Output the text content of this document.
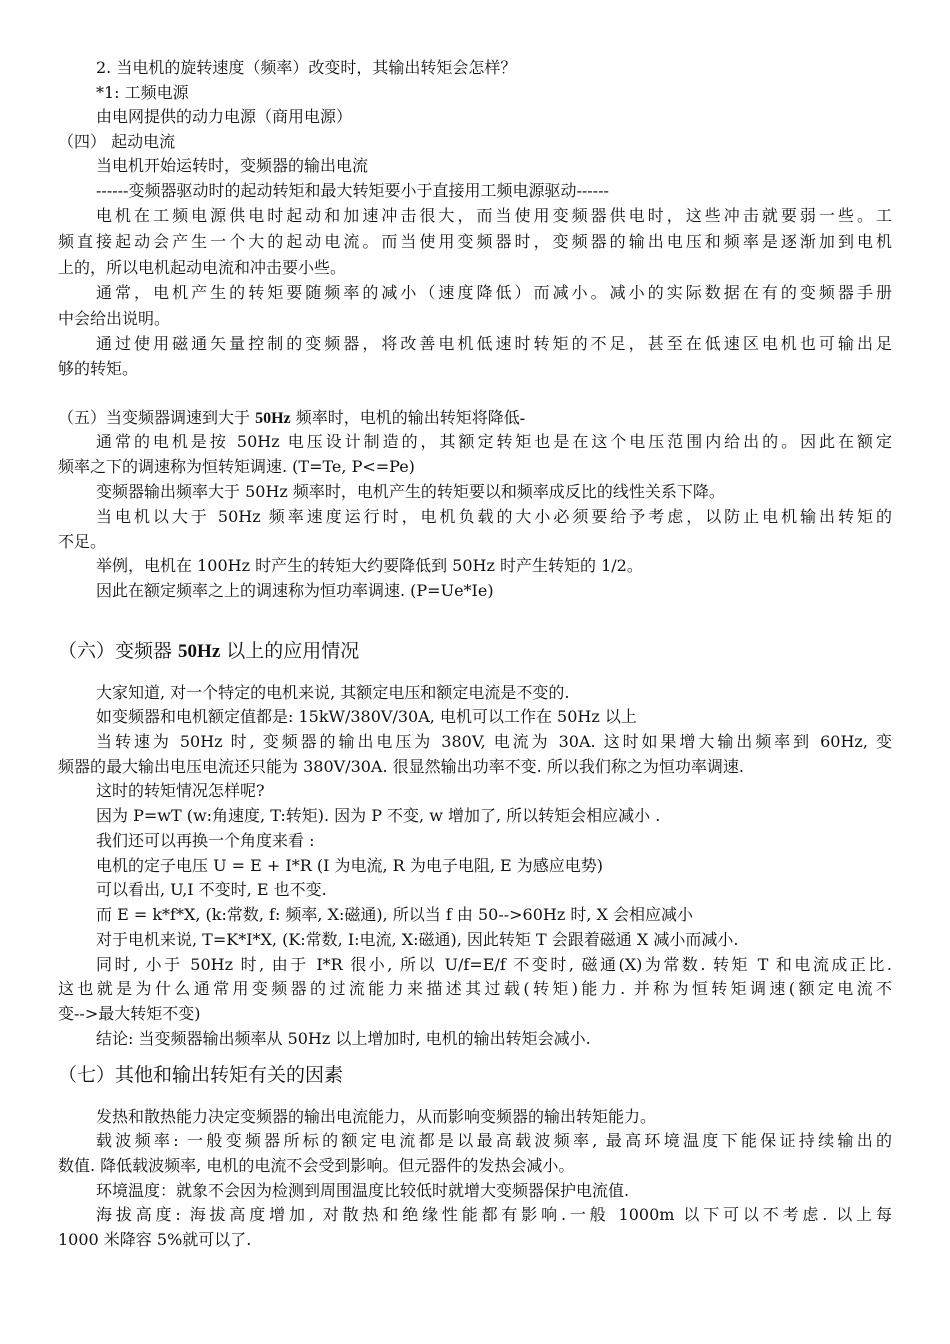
2. 当电机的旋转速度（频率）改变时，其输出转矩会怎样？
*1: 工频电源
由电网提供的动力电源（商用电源）
（四） 起动电流
当电机开始运转时，变频器的输出电流
------变频器驱动时的起动转矩和最大转矩要小于直接用工频电源驱动------
电机在工频电源供电时起动和加速冲击很大，而当使用变频器供电时，这些冲击就要弱一些。工
频直接起动会产生一个大的起动电流。而当使用变频器时，变频器的输出电压和频率是逐渐加到电机
上的，所以电机起动电流和冲击要小些。
通常，电机产生的转矩要随频率的减小（速度降低）而减小。减小的实际数据在有的变频器手册
中会给出说明。
通过使用磁通矢量控制的变频器，将改善电机低速时转矩的不足，甚至在低速区电机也可输出足
够的转矩。
（五）当变频器调速到大于 50Hz 频率时，电机的输出转矩将降低-
通常的电机是按 50Hz 电压设计制造的，其额定转矩也是在这个电压范围内给出的。因此在额定
频率之下的调速称为恒转矩调速. (T=Te, P<=Pe)
变频器输出频率大于 50Hz 频率时，电机产生的转矩要以和频率成反比的线性关系下降。
当电机以大于 50Hz 频率速度运行时，电机负载的大小必须要给予考虑，以防止电机输出转矩的
不足。
举例，电机在 100Hz 时产生的转矩大约要降低到 50Hz 时产生转矩的 1/2。
因此在额定频率之上的调速称为恒功率调速. (P=Ue*Ie)
（六）变频器 50Hz 以上的应用情况
大家知道, 对一个特定的电机来说, 其额定电压和额定电流是不变的.
如变频器和电机额定值都是: 15kW/380V/30A, 电机可以工作在 50Hz 以上
当转速为 50Hz 时, 变频器的输出电压为 380V, 电流为 30A. 这时如果增大输出频率到 60Hz, 变
频器的最大输出电压电流还只能为 380V/30A. 很显然输出功率不变. 所以我们称之为恒功率调速.
这时的转矩情况怎样呢?
因为 P=wT (w:角速度, T:转矩). 因为 P 不变, w 增加了, 所以转矩会相应减小 .
我们还可以再换一个角度来看 :
电机的定子电压 U = E + I*R (I 为电流, R 为电子电阻, E 为感应电势)
可以看出, U,I 不变时, E 也不变.
而 E = k*f*X, (k:常数, f: 频率, X:磁通), 所以当 f 由 50-->60Hz 时, X 会相应减小
对于电机来说, T=K*I*X, (K:常数, I:电流, X:磁通), 因此转矩 T 会跟着磁通 X 减小而减小.
同时, 小于 50Hz 时, 由于 I*R 很小, 所以 U/f=E/f 不变时, 磁通(X)为常数. 转矩 T 和电流成正比.
这也就是为什么通常用变频器的过流能力来描述其过载(转矩)能力. 并称为恒转矩调速(额定电流不
变-->最大转矩不变)
结论: 当变频器输出频率从 50Hz 以上增加时, 电机的输出转矩会减小.
（七）其他和输出转矩有关的因素
发热和散热能力决定变频器的输出电流能力，从而影响变频器的输出转矩能力。
载波频率: 一般变频器所标的额定电流都是以最高载波频率, 最高环境温度下能保证持续输出的
数值. 降低载波频率, 电机的电流不会受到影响。但元器件的发热会减小。
环境温度：就象不会因为检测到周围温度比较低时就增大变频器保护电流值.
海拔高度: 海拔高度增加, 对散热和绝缘性能都有影响.一般 1000m 以下可以不考虑. 以上每
1000 米降容 5%就可以了.
